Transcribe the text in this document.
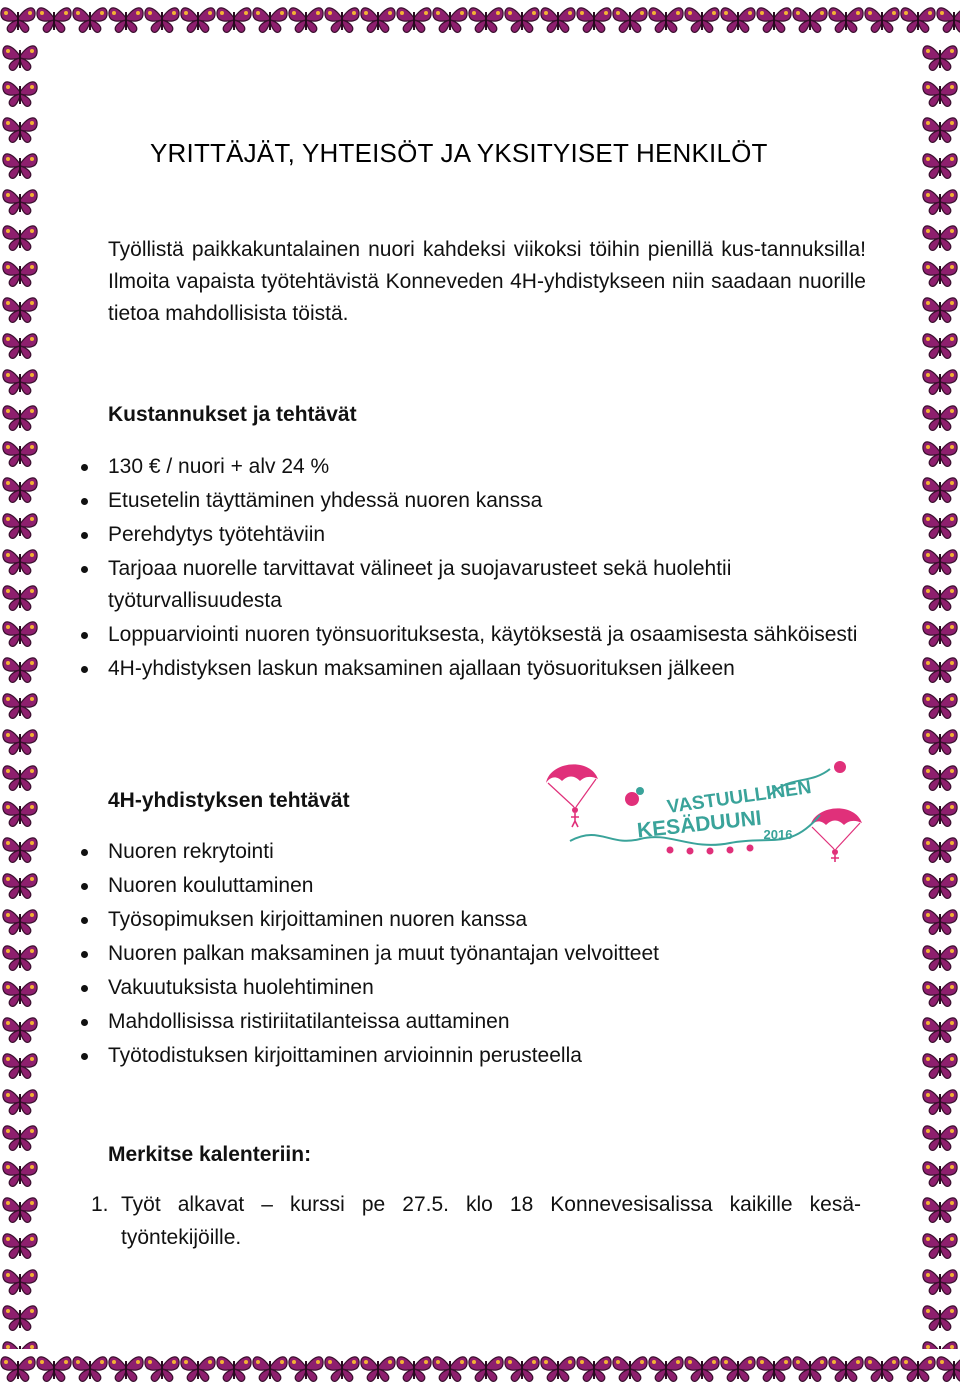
YRITTÄJÄT, YHTEISÖT JA YKSITYISET HENKILÖT

Työllistä paikkakuntalainen nuori kahdeksi viikoksi töihin pienillä kus-tannuksilla! Ilmoita vapaista työtehtävistä Konneveden 4H-yhdistykseen niin saadaan nuorille tietoa mahdollisista töistä.

Kustannukset ja tehtävät
130 € / nuori + alv 24 %
Etusetelin täyttäminen yhdessä nuoren kanssa
Perehdytys työtehtäviin
Tarjoaa nuorelle tarvittavat välineet ja suojavarusteet sekä huolehtii työturvallisuudesta
Loppuarviointi nuoren työnsuorituksesta, käytöksestä ja osaamisesta sähköisesti
4H-yhdistyksen laskun maksaminen ajallaan työsuorituksen jälkeen
4H-yhdistyksen tehtävät	VASTUULLINEN
KESÄDUUNI 2016
Nuoren rekrytointi
Nuoren kouluttaminen
Työsopimuksen kirjoittaminen nuoren kanssa
Nuoren palkan maksaminen ja muut työnantajan velvoitteet
Vakuutuksista huolehtiminen
Mahdollisissa ristiriitatilanteissa auttaminen
Työtodistuksen kirjoittaminen arvioinnin perusteella
Merkitse kalenteriin:
1. Työt alkavat – kurssi pe 27.5. klo 18 Konnevesisalissa kaikille kesä-työntekijöille.
